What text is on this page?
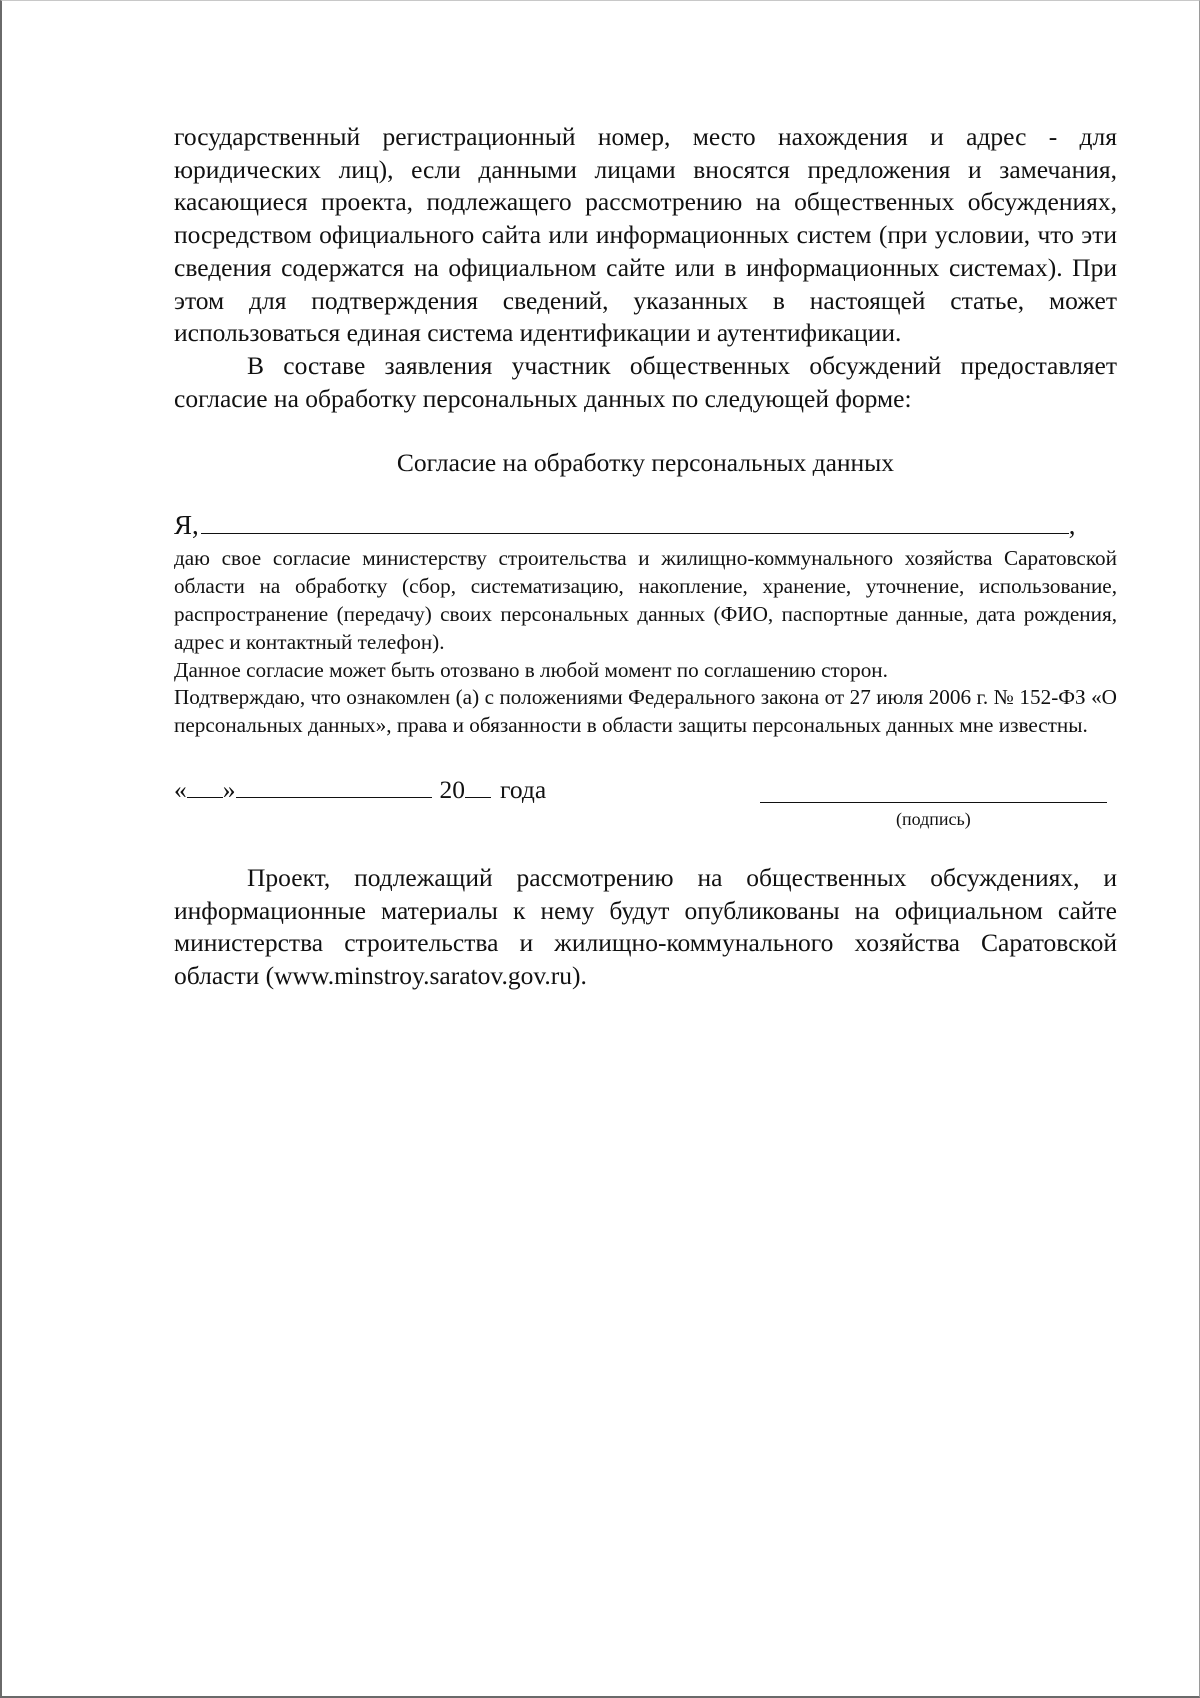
государственный регистрационный номер, место нахождения и адрес - для юридических лиц), если данными лицами вносятся предложения и замечания, касающиеся проекта, подлежащего рассмотрению на общественных обсуждениях, посредством официального сайта или информационных систем (при условии, что эти сведения содержатся на официальном сайте или в информационных системах). При этом для подтверждения сведений, указанных в настоящей статье, может использоваться единая система идентификации и аутентификации.

В составе заявления участник общественных обсуждений предоставляет согласие на обработку персональных данных по следующей форме:

Согласие на обработку персональных данных
Я,	,

даю свое согласие министерству строительства и жилищно-коммунального хозяйства Саратовской области на обработку (сбор, систематизацию, накопление, хранение, уточнение, использование, распространение (передачу) своих персональных данных (ФИО, паспортные данные, дата рождения, адрес и контактный телефон).

Данное согласие может быть отозвано в любой момент по соглашению сторон.

Подтверждаю, что ознакомлен (а) с положениями Федерального закона от 27 июля 2006 г. № 152-ФЗ «О персональных данных», права и обязанности в области защиты персональных данных мне известны.

« »	20 года
(подпись)

Проект, подлежащий рассмотрению на общественных обсуждениях, и информационные материалы к нему будут опубликованы на официальном сайте министерства строительства и жилищно-коммунального хозяйства Саратовской области (www.minstroy.saratov.gov.ru).
